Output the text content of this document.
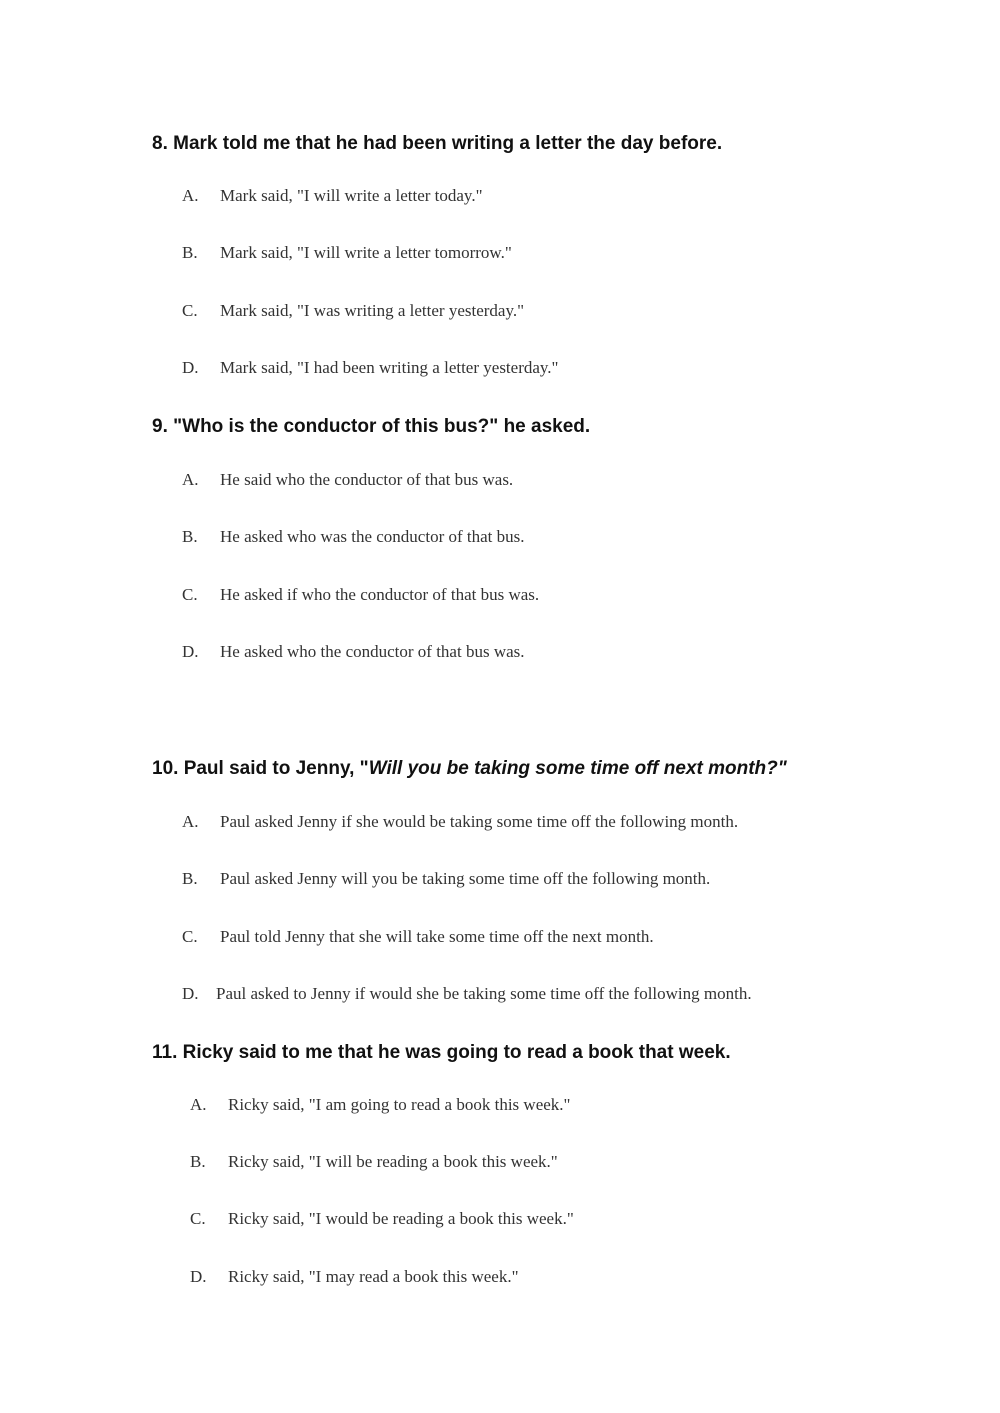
8. Mark told me that he had been writing a letter the day before.
A. Mark said, "I will write a letter today."
B. Mark said, "I will write a letter tomorrow."
C. Mark said, "I was writing a letter yesterday."
D. Mark said, "I had been writing a letter yesterday."
9. "Who is the conductor of this bus?" he asked.
A. He said who the conductor of that bus was.
B. He asked who was the conductor of that bus.
C. He asked if who the conductor of that bus was.
D. He asked who the conductor of that bus was.
10. Paul said to Jenny, "Will you be taking some time off next month?"
A. Paul asked Jenny if she would be taking some time off the following month.
B. Paul asked Jenny will you be taking some time off the following month.
C. Paul told Jenny that she will take some time off the next month.
D. Paul asked to Jenny if would she be taking some time off the following month.
11. Ricky said to me that he was going to read a book that week.
A. Ricky said, "I am going to read a book this week."
B. Ricky said, "I will be reading a book this week."
C. Ricky said, "I would be reading a book this week."
D. Ricky said, "I may read a book this week."
